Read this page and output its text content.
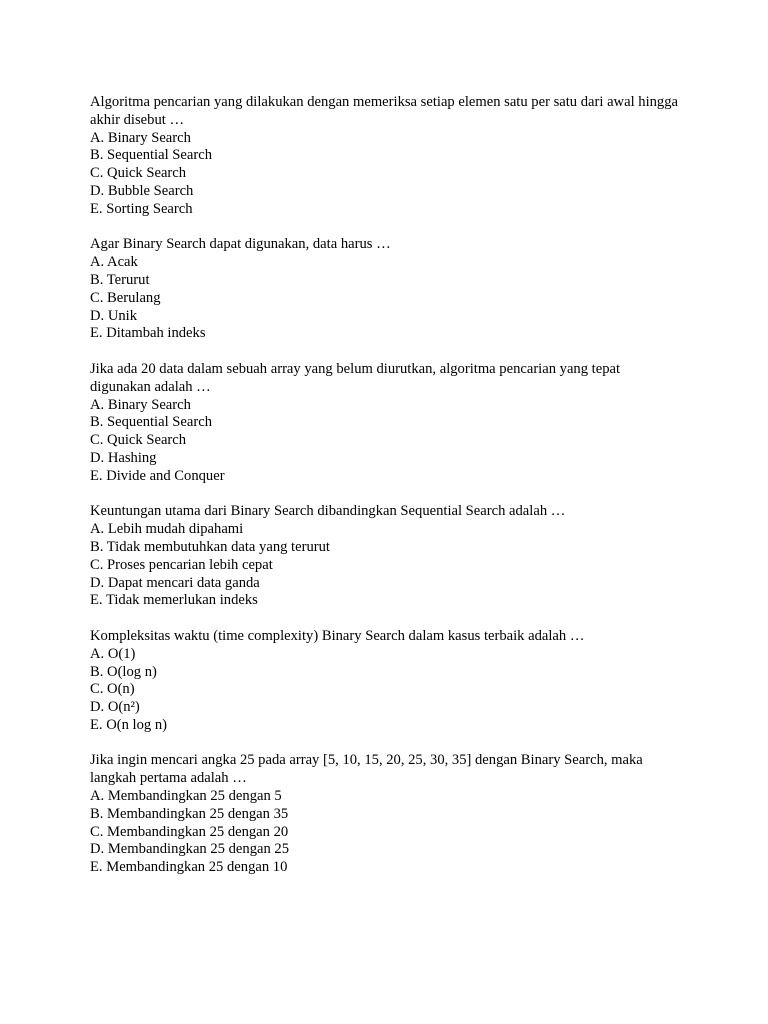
Algoritma pencarian yang dilakukan dengan memeriksa setiap elemen satu per satu dari awal hingga akhir disebut …
A. Binary Search
B. Sequential Search
C. Quick Search
D. Bubble Search
E. Sorting Search
Agar Binary Search dapat digunakan, data harus …
A. Acak
B. Terurut
C. Berulang
D. Unik
E. Ditambah indeks
Jika ada 20 data dalam sebuah array yang belum diurutkan, algoritma pencarian yang tepat digunakan adalah …
A. Binary Search
B. Sequential Search
C. Quick Search
D. Hashing
E. Divide and Conquer
Keuntungan utama dari Binary Search dibandingkan Sequential Search adalah …
A. Lebih mudah dipahami
B. Tidak membutuhkan data yang terurut
C. Proses pencarian lebih cepat
D. Dapat mencari data ganda
E. Tidak memerlukan indeks
Kompleksitas waktu (time complexity) Binary Search dalam kasus terbaik adalah …
A. O(1)
B. O(log n)
C. O(n)
D. O(n²)
E. O(n log n)
Jika ingin mencari angka 25 pada array [5, 10, 15, 20, 25, 30, 35] dengan Binary Search, maka langkah pertama adalah …
A. Membandingkan 25 dengan 5
B. Membandingkan 25 dengan 35
C. Membandingkan 25 dengan 20
D. Membandingkan 25 dengan 25
E. Membandingkan 25 dengan 10
